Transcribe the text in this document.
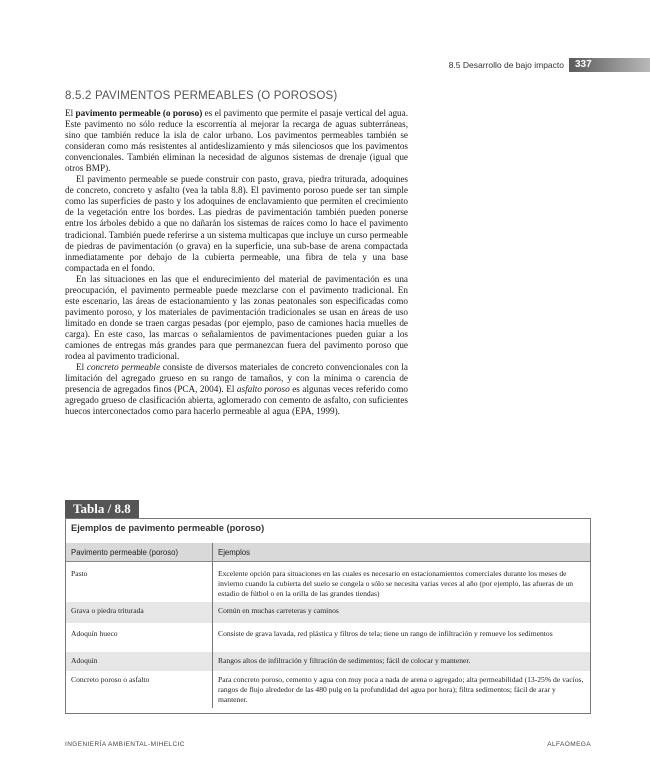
8.5 Desarrollo de bajo impacto	337
8.5.2 PAVIMENTOS PERMEABLES (O POROSOS)

El pavimento permeable (o poroso) es el pavimento que permite el pasaje vertical del agua. Este pavimento no sólo reduce la escorrentía al mejorar la recarga de aguas subterráneas, sino que también reduce la isla de calor urbano. Los pavimentos permeables también se consideran como más resistentes al antideslizamiento y más silenciosos que los pavimentos convencionales. También eliminan la necesidad de algunos sistemas de drenaje (igual que otros BMP).

El pavimento permeable se puede construir con pasto, grava, piedra triturada, adoquines de concreto, concreto y asfalto (vea la tabla 8.8). El pavimento poroso puede ser tan simple como las superficies de pasto y los adoquines de enclavamiento que permiten el crecimiento de la vegetación entre los bordes. Las piedras de pavimentación también pueden ponerse entre los árboles debido a que no dañarán los sistemas de raíces como lo hace el pavimento tradicional. También puede referirse a un sistema multicapas que incluye un curso permeable de piedras de pavimentación (o grava) en la superficie, una sub-base de arena compactada inmediatamente por debajo de la cubierta permeable, una fibra de tela y una base compactada en el fondo.

En las situaciones en las que el endurecimiento del material de pavimentación es una preocupación, el pavimento permeable puede mezclarse con el pavimento tradicional. En este escenario, las áreas de estacionamiento y las zonas peatonales son especificadas como pavimento poroso, y los materiales de pavimentación tradicionales se usan en áreas de uso limitado en donde se traen cargas pesadas (por ejemplo, paso de camiones hacia muelles de carga). En este caso, las marcas o señalamientos de pavimentaciones pueden guiar a los camiones de entregas más grandes para que permanezcan fuera del pavimento poroso que rodea al pavimento tradicional.

El concreto permeable consiste de diversos materiales de concreto convencionales con la limitación del agregado grueso en su rango de tamaños, y con la mínima o carencia de presencia de agregados finos (PCA, 2004). El asfalto poroso es algunas veces referido como agregado grueso de clasificación abierta, aglomerado con cemento de asfalto, con suficientes huecos interconectados como para hacerlo permeable al agua (EPA, 1999).

Tabla / 8.8
Ejemplos de pavimento permeable (poroso)
Pavimento permeable (poroso)	Ejemplos
Pasto	Excelente opción para situaciones en las cuales es necesario en estacionamientos comerciales durante los meses de invierno cuando la cubierta del suelo se congela o sólo se necesita varias veces al año (por ejemplo, las afueras de un estadio de fútbol o en la orilla de las grandes tiendas)
Grava o piedra triturada	Común en muchas carreteras y caminos
Adoquín hueco	Consiste de grava lavada, red plástica y filtros de tela; tiene un rango de infiltración y remueve los sedimentos
Adoquín	Rangos altos de infiltración y filtración de sedimentos; fácil de colocar y mantener.
Concreto poroso o asfalto	Para concreto poroso, cemento y agua con muy poca a nada de arena o agregado; alta permeabilidad (13-25% de vacíos, rangos de flujo alrededor de las 480 pulg en la profundidad del agua por hora); filtra sedimentos; fácil de arar y mantener.
INGENIERÍA AMBIENTAL-MIHELCIC	ALFAOMEGA
